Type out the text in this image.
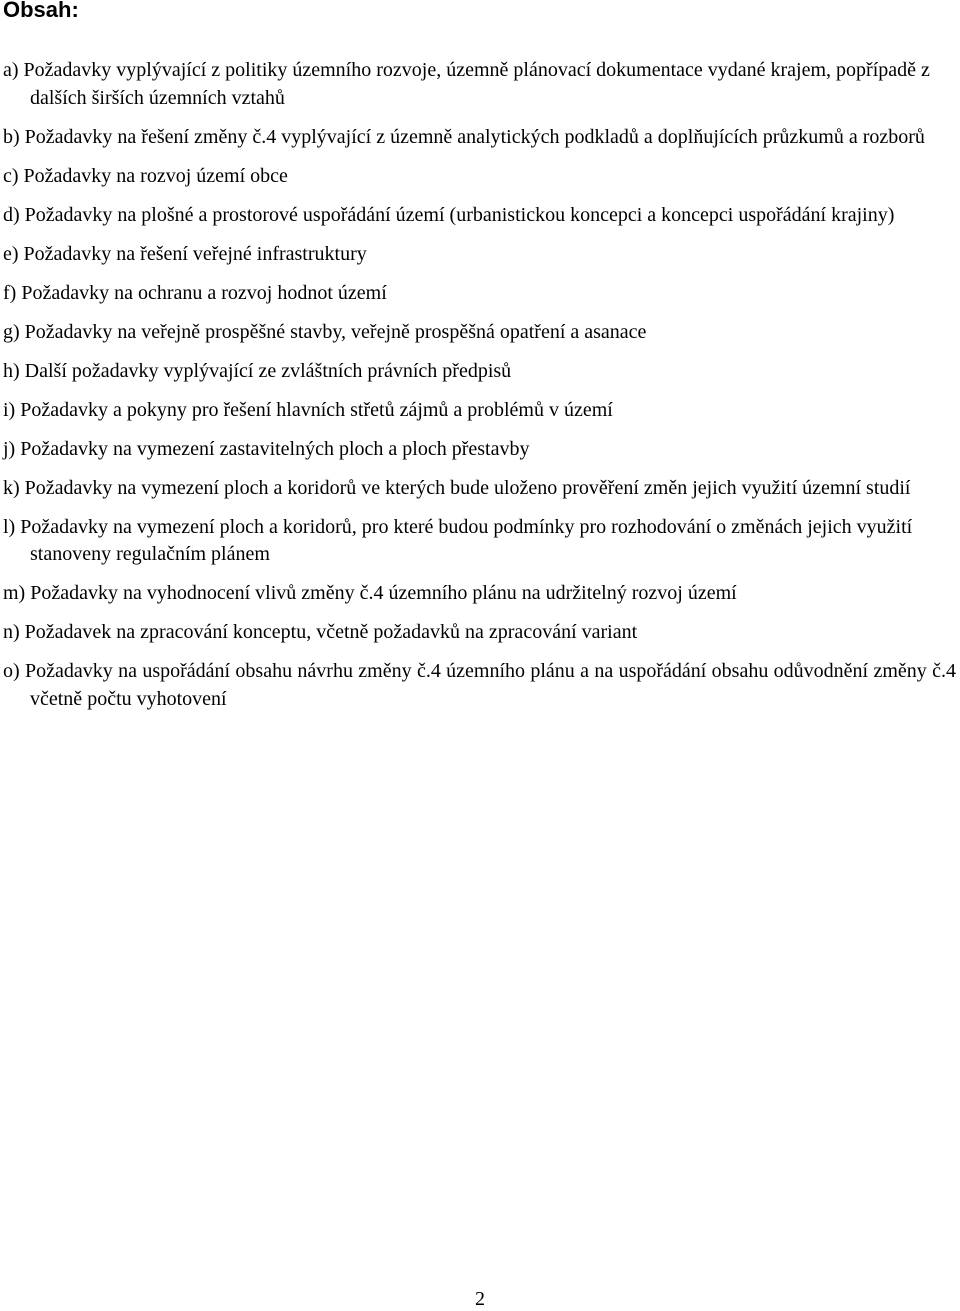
Obsah:
a) Požadavky vyplývající z politiky územního rozvoje, územně plánovací dokumentace vydané krajem, popřípadě z dalších širších územních vztahů
b) Požadavky na řešení změny č.4 vyplývající z územně analytických podkladů a doplňujících průzkumů a rozborů
c) Požadavky na rozvoj území obce
d) Požadavky na plošné a prostorové uspořádání území (urbanistickou koncepci a koncepci uspořádání krajiny)
e) Požadavky na řešení veřejné infrastruktury
f) Požadavky na ochranu a rozvoj hodnot území
g) Požadavky na veřejně prospěšné stavby, veřejně prospěšná opatření a asanace
h) Další požadavky vyplývající ze zvláštních právních předpisů
i) Požadavky a pokyny pro řešení hlavních střetů zájmů a problémů v území
j) Požadavky na vymezení zastavitelných ploch a ploch přestavby
k) Požadavky na vymezení ploch a koridorů ve kterých bude uloženo prověření změn jejich využití územní studií
l) Požadavky na vymezení ploch a koridorů, pro které budou podmínky pro rozhodování o změnách jejich využití stanoveny regulačním plánem
m) Požadavky na vyhodnocení vlivů změny č.4 územního plánu na udržitelný rozvoj území
n) Požadavek na zpracování konceptu, včetně požadavků na zpracování variant
o) Požadavky na uspořádání obsahu návrhu změny č.4 územního plánu a na uspořádání obsahu odůvodnění změny č.4 včetně počtu vyhotovení
2
